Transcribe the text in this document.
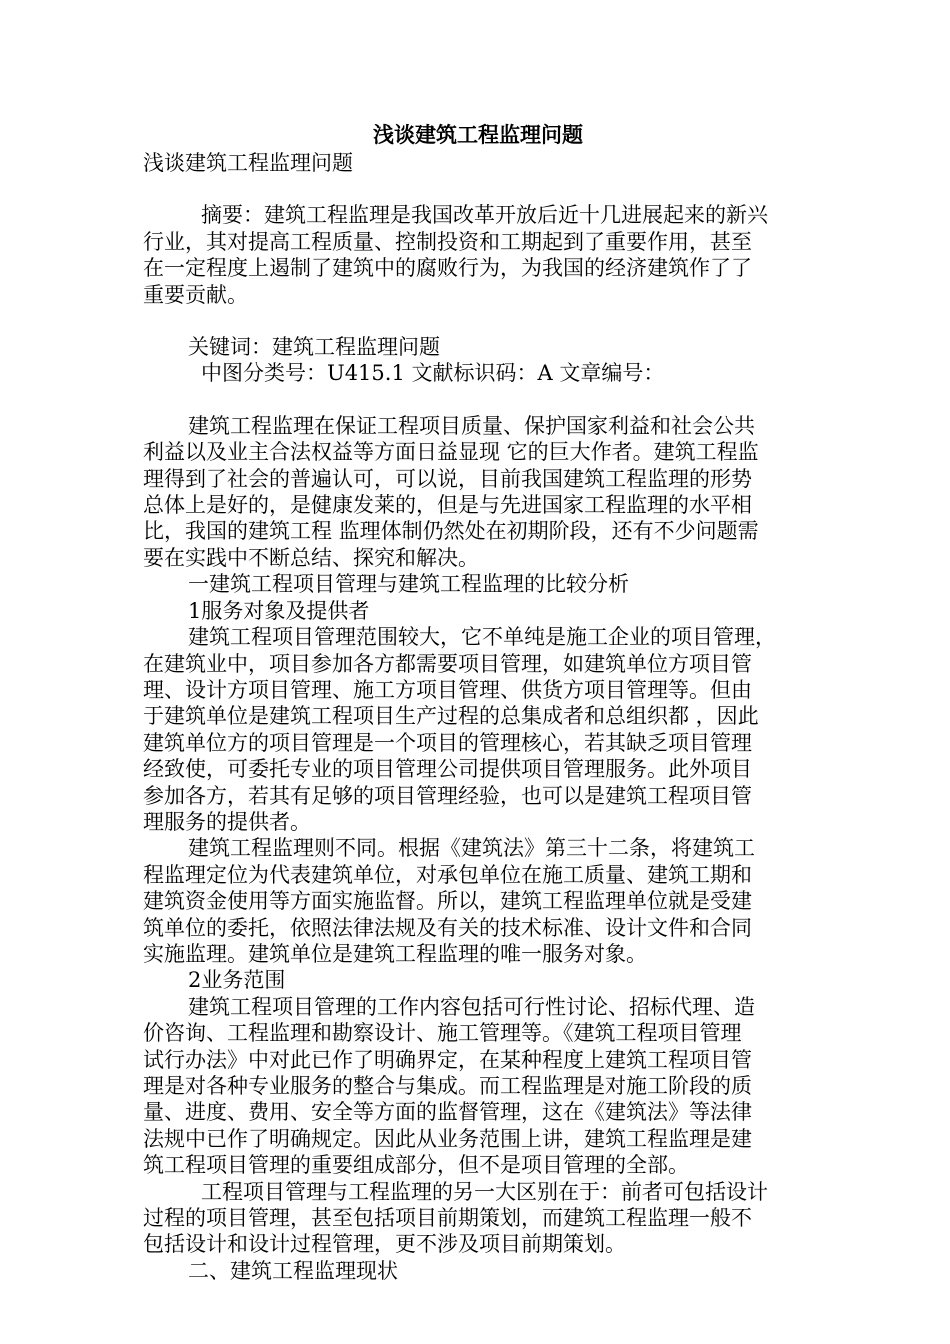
浅谈建筑工程监理问题

浅谈建筑工程监理问题

摘要：建筑工程监理是我国改革开放后近十几进展起来的新兴

行业，其对提高工程质量、控制投资和工期起到了重要作用，甚至

在一定程度上遏制了建筑中的腐败行为，为我国的经济建筑作了了

重要贡献。

关键词：建筑工程监理问题

中图分类号：U415.1 文献标识码：A 文章编号：

建筑工程监理在保证工程项目质量、保护国家利益和社会公共

利益以及业主合法权益等方面日益显现 它的巨大作者。建筑工程监

理得到了社会的普遍认可，可以说，目前我国建筑工程监理的形势

总体上是好的，是健康发莱的，但是与先进国家工程监理的水平相

比，我国的建筑工程 监理体制仍然处在初期阶段，还有不少问题需

要在实践中不断总结、探究和解决。

一建筑工程项目管理与建筑工程监理的比较分析

1服务对象及提供者

建筑工程项目管理范围较大，它不单纯是施工企业的项目管理，

在建筑业中，项目参加各方都需要项目管理，如建筑单位方项目管

理、设计方项目管理、施工方项目管理、供货方项目管理等。但由

于建筑单位是建筑工程项目生产过程的总集成者和总组织都 ，因此

建筑单位方的项目管理是一个项目的管理核心，若其缺乏项目管理

经致使，可委托专业的项目管理公司提供项目管理服务。此外项目

参加各方，若其有足够的项目管理经验，也可以是建筑工程项目管

理服务的提供者。

建筑工程监理则不同。根据《建筑法》第三十二条，将建筑工

程监理定位为代表建筑单位，对承包单位在施工质量、建筑工期和

建筑资金使用等方面实施监督。所以，建筑工程监理单位就是受建

筑单位的委托，依照法律法规及有关的技术标准、设计文件和合同

实施监理。建筑单位是建筑工程监理的唯一服务对象。

2业务范围

建筑工程项目管理的工作内容包括可行性讨论、招标代理、造

价咨询、工程监理和勘察设计、施工管理等。《建筑工程项目管理

试行办法》中对此已作了明确界定，在某种程度上建筑工程项目管

理是对各种专业服务的整合与集成。而工程监理是对施工阶段的质

量、进度、费用、安全等方面的监督管理，这在《建筑法》等法律

法规中已作了明确规定。因此从业务范围上讲，建筑工程监理是建

筑工程项目管理的重要组成部分，但不是项目管理的全部。

工程项目管理与工程监理的另一大区别在于：前者可包括设计

过程的项目管理，甚至包括项目前期策划，而建筑工程监理一般不

包括设计和设计过程管理，更不涉及项目前期策划。

二、建筑工程监理现状
